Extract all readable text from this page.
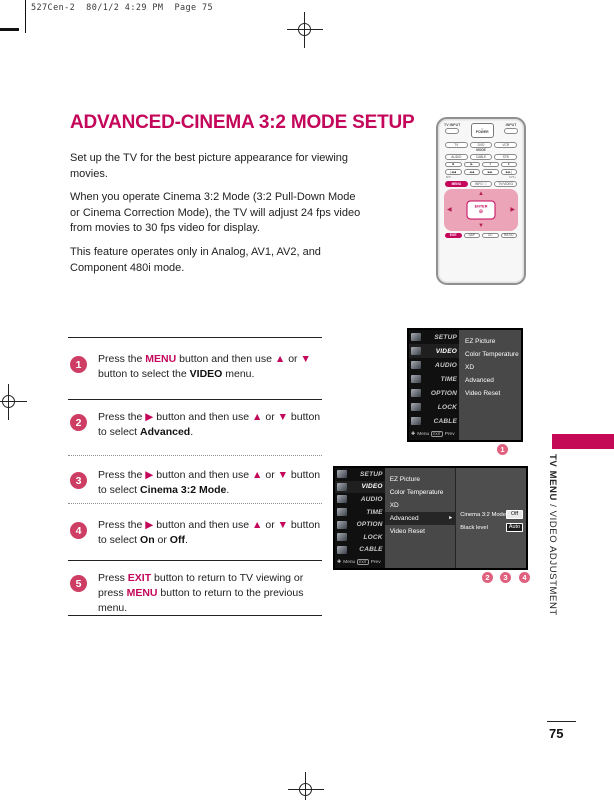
527Cen-2  80/1/2 4:29 PM  Page 75
ADVANCED-CINEMA 3:2 MODE SETUP

Set up the TV for the best picture appearance for viewing movies.

When you operate Cinema 3:2 Mode (3:2 Pull-Down Mode or Cinema Correction Mode), the TV will adjust 24 fps video from movies to 30 fps video for display.

This feature operates only in Analog, AV1, AV2, and Component 480i mode.

TV INPUT
○
POWER
INPUT
TV	DVD	VCR
MODE
AUDIO	CABLE	STB
■	▶	‖	●
|◀◀	◀◀	▶▶	▶▶|
D/T-	D/T+
MENU	INFO ⓘ	TV/VIDEO
▲
▼
◀	▶
ENTER
◎
EXIT	SAP	CC	RATIO
1	Press the MENU button and then use ▲ or ▼ button to select the VIDEO menu.
2	Press the ▶ button and then use ▲ or ▼ button to select Advanced.
3	Press the ▶ button and then use ▲ or ▼ button to select Cinema 3:2 Mode.
4	Press the ▶ button and then use ▲ or ▼ button to select On or Off.
5	Press EXIT button to return to TV viewing or press MENU button to return to the previous menu.
SETUP
VIDEO
AUDIO
TIME
OPTION
LOCK
CABLE
✚ Menu	EXIT Prev
EZ Picture
Color Temperature
XD
Advanced
Video Reset
1
SETUP
VIDEO
AUDIO
TIME
OPTION
LOCK
CABLE
✚ Menu	EXIT Prev
EZ Picture
Color Temperature
XD
Advanced	►
Video Reset
Cinema 3:2 Mode Off
Black level	Auto
2	3	4
TV MENU / VIDEO ADJUSTMENT
75
